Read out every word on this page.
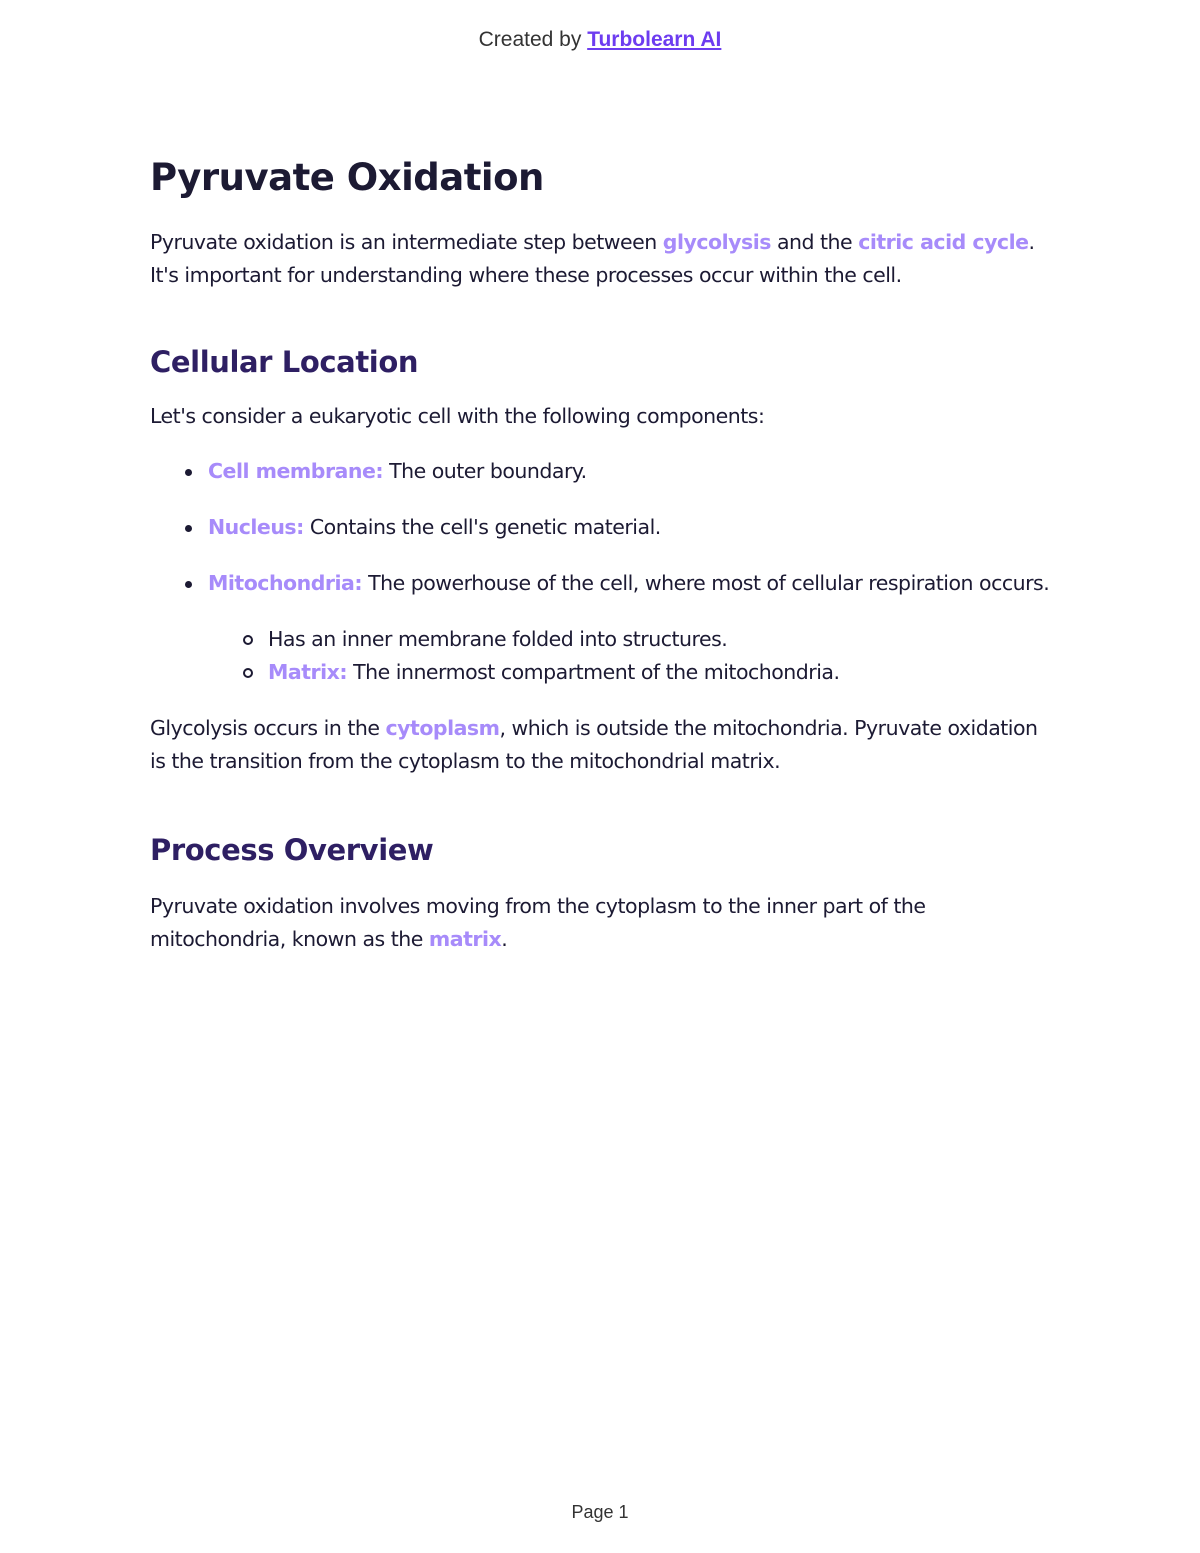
Created by Turbolearn AI
Pyruvate Oxidation

Pyruvate oxidation is an intermediate step between glycolysis and the citric acid cycle. It's important for understanding where these processes occur within the cell.

Cellular Location

Let's consider a eukaryotic cell with the following components:

Cell membrane: The outer boundary.
Nucleus: Contains the cell's genetic material.
Mitochondria: The powerhouse of the cell, where most of cellular respiration occurs.
Has an inner membrane folded into structures.
Matrix: The innermost compartment of the mitochondria.

Glycolysis occurs in the cytoplasm, which is outside the mitochondria. Pyruvate oxidation is the transition from the cytoplasm to the mitochondrial matrix.

Process Overview

Pyruvate oxidation involves moving from the cytoplasm to the inner part of the mitochondria, known as the matrix.

Page 1
